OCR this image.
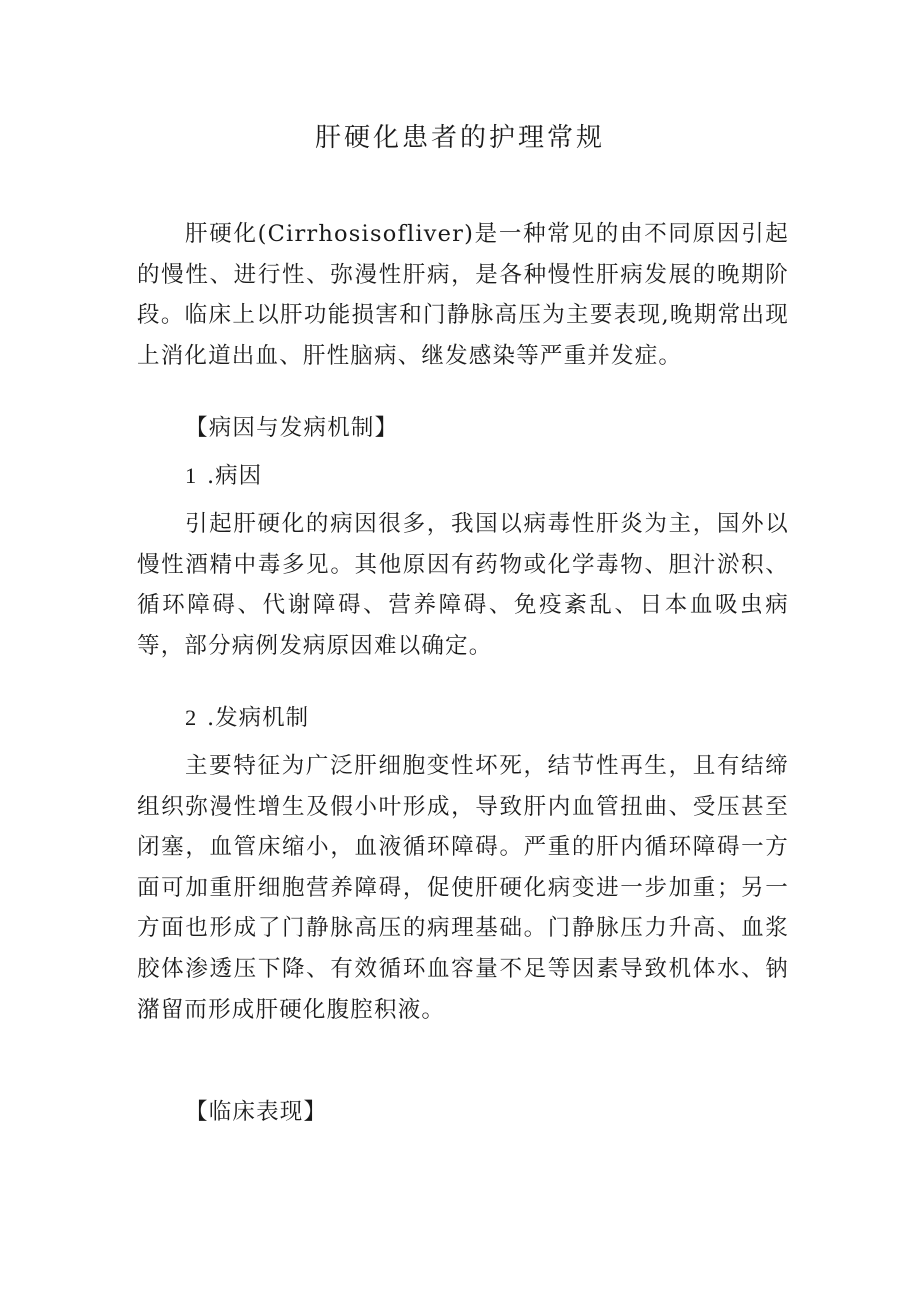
肝硬化患者的护理常规

肝硬化(Cirrhosisofliver)是一种常见的由不同原因引起的慢性、进行性、弥漫性肝病，是各种慢性肝病发展的晚期阶段。临床上以肝功能损害和门静脉高压为主要表现,晚期常出现上消化道出血、肝性脑病、继发感染等严重并发症。

【病因与发病机制】

1 .病因

引起肝硬化的病因很多，我国以病毒性肝炎为主，国外以慢性酒精中毒多见。其他原因有药物或化学毒物、胆汁淤积、循环障碍、代谢障碍、营养障碍、免疫紊乱、日本血吸虫病等，部分病例发病原因难以确定。

2 .发病机制

主要特征为广泛肝细胞变性坏死，结节性再生，且有结缔组织弥漫性增生及假小叶形成，导致肝内血管扭曲、受压甚至闭塞，血管床缩小，血液循环障碍。严重的肝内循环障碍一方面可加重肝细胞营养障碍，促使肝硬化病变进一步加重；另一方面也形成了门静脉高压的病理基础。门静脉压力升高、血浆胶体渗透压下降、有效循环血容量不足等因素导致机体水、钠潴留而形成肝硬化腹腔积液。

【临床表现】
